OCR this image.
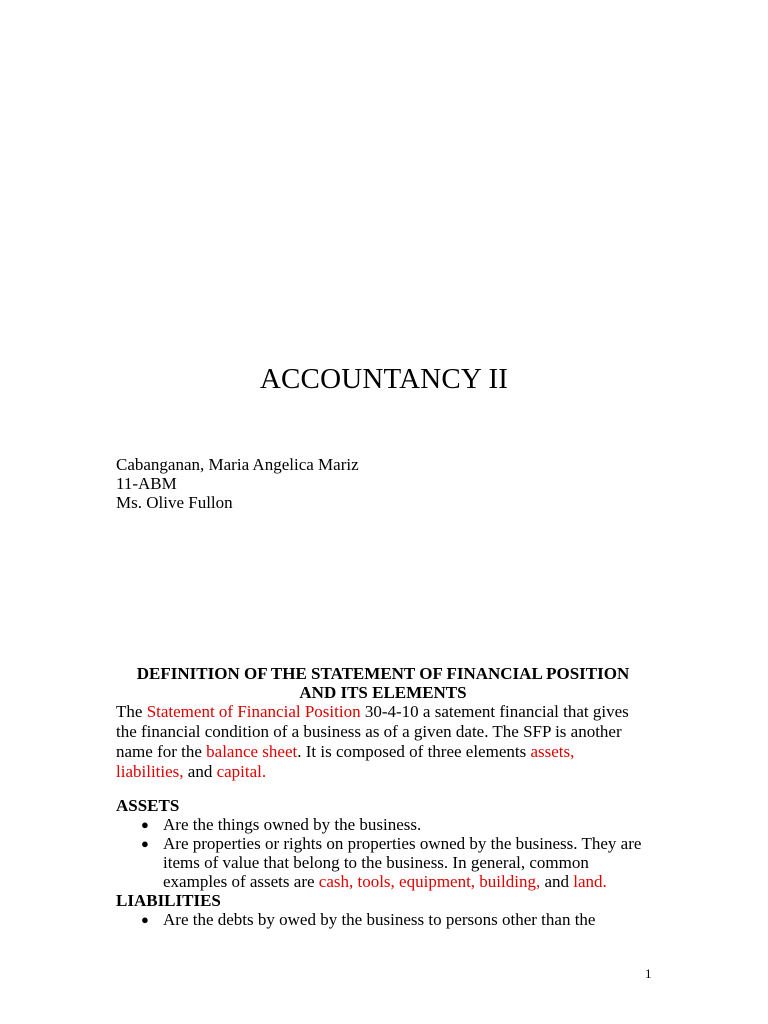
ACCOUNTANCY II
Cabanganan, Maria Angelica Mariz
11-ABM
Ms. Olive Fullon
DEFINITION OF THE STATEMENT OF FINANCIAL POSITION
AND ITS ELEMENTS
The Statement of Financial Position 30-4-10 a satement financial that gives the financial condition of a business as of a given date. The SFP is another name for the balance sheet. It is composed of three elements assets, liabilities, and capital.
ASSETS
● Are the things owned by the business.
● Are properties or rights on properties owned by the business. They are items of value that belong to the business. In general, common examples of assets are cash, tools, equipment, building, and land.
LIABILITIES
● Are the debts by owed by the business to persons other than the
1
